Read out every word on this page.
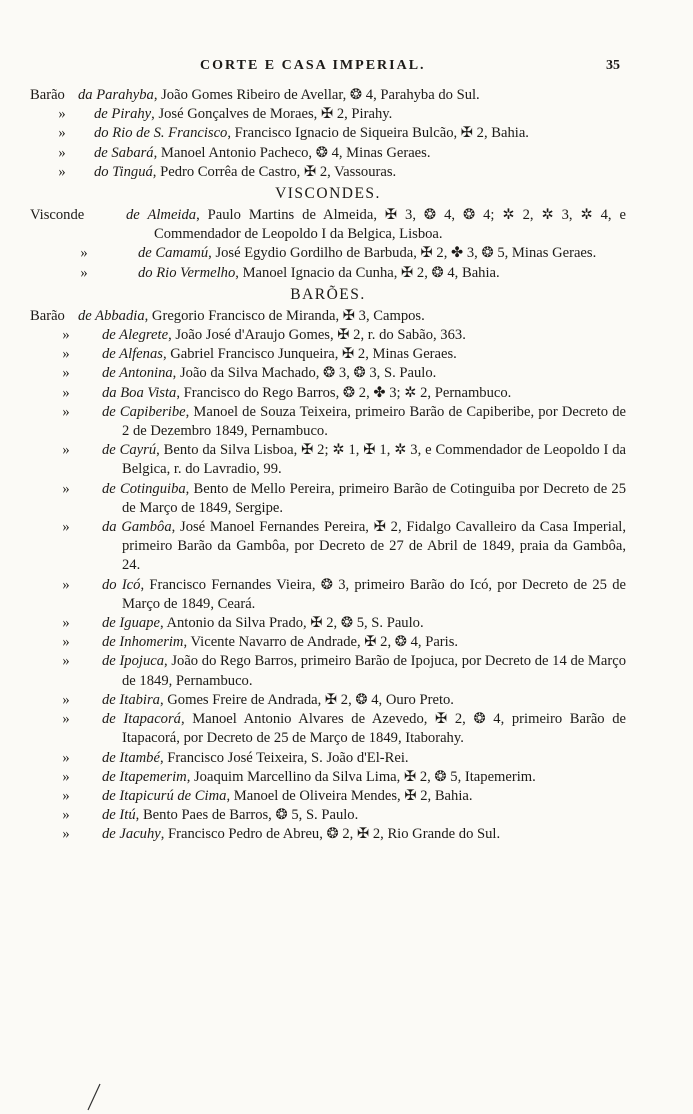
CORTE E CASA IMPERIAL.	35
Barão da Parahyba, João Gomes Ribeiro de Avellar, ❂ 4, Parahyba do Sul.
» de Pirahy, José Gonçalves de Moraes, ✠ 2, Pirahy.
» do Rio de S. Francisco, Francisco Ignacio de Siqueira Bulcão, ✠ 2, Bahia.
» de Sabará, Manoel Antonio Pacheco, ❂ 4, Minas Geraes.
» do Tinguá, Pedro Corrêa de Castro, ✠ 2, Vassouras.
VISCONDES.
Visconde	de Almeida, Paulo Martins de Almeida, ✠ 3, ❂ 4, ❂ 4; ✲ 2, ✲ 3, ✲ 4, e Commendador de Leopoldo I da Belgica, Lisboa.
»	de Camamú, José Egydio Gordilho de Barbuda, ✠ 2, ✤ 3, ❂ 5, Minas Geraes.
»	do Rio Vermelho, Manoel Ignacio da Cunha, ✠ 2, ❂ 4, Bahia.
BARÕES.
Barão de Abbadia, Gregorio Francisco de Miranda, ✠ 3, Campos.
» de Alegrete, João José d'Araujo Gomes, ✠ 2, r. do Sabão, 363.
» de Alfenas, Gabriel Francisco Junqueira, ✠ 2, Minas Geraes.
» de Antonina, João da Silva Machado, ❂ 3, ❂ 3, S. Paulo.
» da Boa Vista, Francisco do Rego Barros, ❂ 2, ✤ 3; ✲ 2, Pernambuco.
» de Capiberibe, Manoel de Souza Teixeira, primeiro Barão de Capiberibe, por Decreto de 2 de Dezembro 1849, Pernambuco.
» de Cayrú, Bento da Silva Lisboa, ✠ 2; ✲ 1, ✠ 1, ✲ 3, e Commendador de Leopoldo I da Belgica, r. do Lavradio, 99.
» de Cotinguiba, Bento de Mello Pereira, primeiro Barão de Cotinguiba por Decreto de 25 de Março de 1849, Sergipe.
» da Gambôa, José Manoel Fernandes Pereira, ✠ 2, Fidalgo Cavalleiro da Casa Imperial, primeiro Barão da Gambôa, por Decreto de 27 de Abril de 1849, praia da Gambôa, 24.
» do Icó, Francisco Fernandes Vieira, ❂ 3, primeiro Barão do Icó, por Decreto de 25 de Março de 1849, Ceará.
» de Iguape, Antonio da Silva Prado, ✠ 2, ❂ 5, S. Paulo.
» de Inhomerim, Vicente Navarro de Andrade, ✠ 2, ❂ 4, Paris.
» de Ipojuca, João do Rego Barros, primeiro Barão de Ipojuca, por Decreto de 14 de Março de 1849, Pernambuco.
» de Itabira, Gomes Freire de Andrada, ✠ 2, ❂ 4, Ouro Preto.
» de Itapacorá, Manoel Antonio Alvares de Azevedo, ✠ 2, ❂ 4, primeiro Barão de Itapacorá, por Decreto de 25 de Março de 1849, Itaborahy.
» de Itambé, Francisco José Teixeira, S. João d'El-Rei.
» de Itapemerim, Joaquim Marcellino da Silva Lima, ✠ 2, ❂ 5, Itapemerim.
» de Itapicurú de Cima, Manoel de Oliveira Mendes, ✠ 2, Bahia.
» de Itú, Bento Paes de Barros, ❂ 5, S. Paulo.
» de Jacuhy, Francisco Pedro de Abreu, ❂ 2, ✠ 2, Rio Grande do Sul.
